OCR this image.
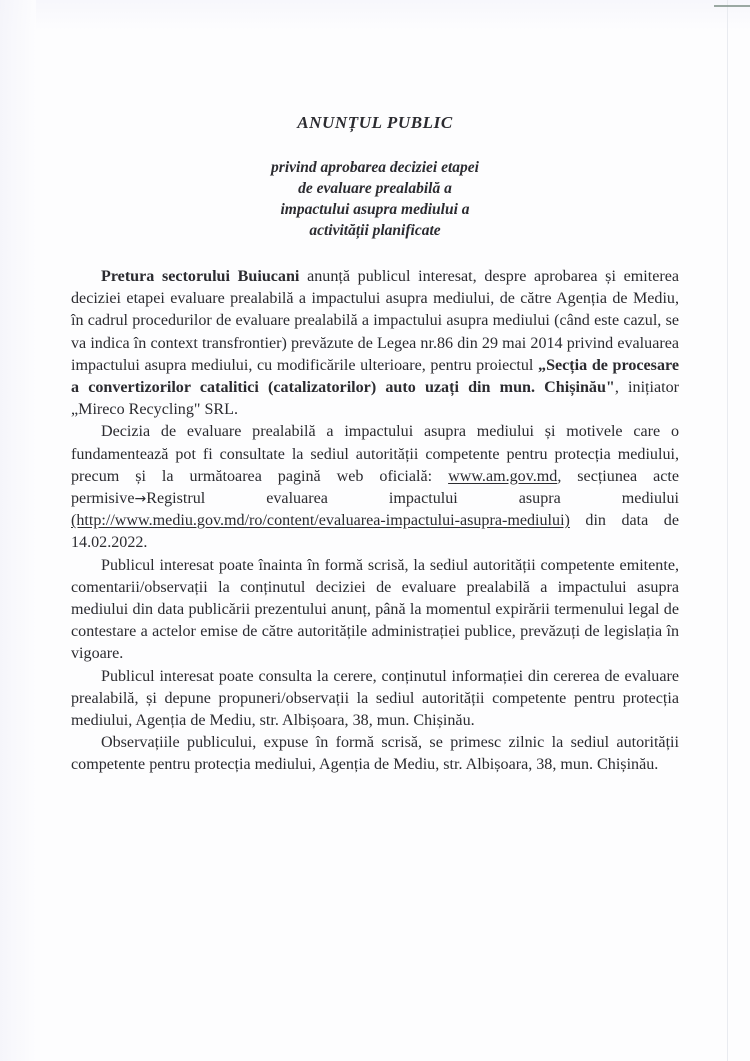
ANUNȚUL PUBLIC
privind aprobarea deciziei etapei
de evaluare prealabilă a
impactului asupra mediului a
activității planificate

Pretura sectorului Buiucani anunță publicul interesat, despre aprobarea și emiterea deciziei etapei evaluare prealabilă a impactului asupra mediului, de către Agenția de Mediu, în cadrul procedurilor de evaluare prealabilă a impactului asupra mediului (când este cazul, se va indica în context transfrontier) prevăzute de Legea nr.86 din 29 mai 2014 privind evaluarea impactului asupra mediului, cu modificările ulterioare, pentru proiectul „Secția de procesare a convertizorilor catalitici (catalizatorilor) auto uzați din mun. Chișinău", inițiator „Mireco Recycling" SRL.

Decizia de evaluare prealabilă a impactului asupra mediului și motivele care o fundamentează pot fi consultate la sediul autorității competente pentru protecția mediului, precum și la următoarea pagină web oficială: www.am.gov.md, secțiunea acte permisive→Registrul evaluarea impactului asupra mediului (http://www.mediu.gov.md/ro/content/evaluarea-impactului-asupra-mediului) din data de 14.02.2022.

Publicul interesat poate înainta în formă scrisă, la sediul autorității competente emitente, comentarii/observații la conținutul deciziei de evaluare prealabilă a impactului asupra mediului din data publicării prezentului anunț, până la momentul expirării termenului legal de contestare a actelor emise de către autoritățile administrației publice, prevăzuți de legislația în vigoare.

Publicul interesat poate consulta la cerere, conținutul informației din cererea de evaluare prealabilă, și depune propuneri/observații la sediul autorității competente pentru protecția mediului, Agenția de Mediu, str. Albișoara, 38, mun. Chișinău.

Observațiile publicului, expuse în formă scrisă, se primesc zilnic la sediul autorității competente pentru protecția mediului, Agenția de Mediu, str. Albișoara, 38, mun. Chișinău.
